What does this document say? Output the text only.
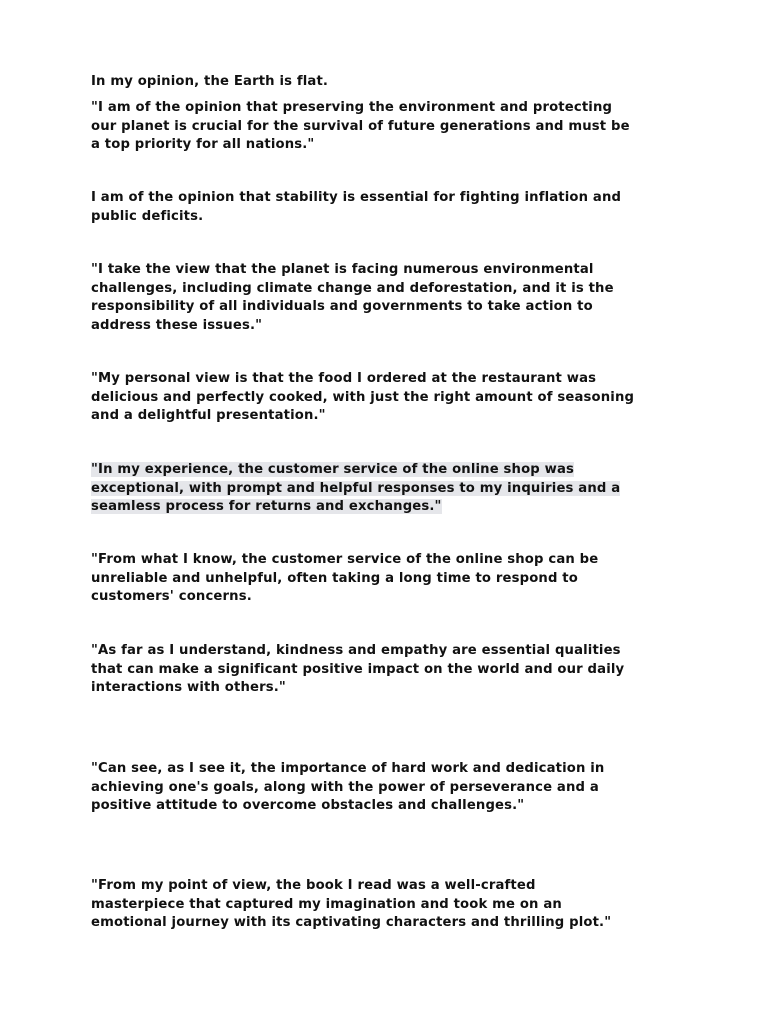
In my opinion, the Earth is flat.

"I am of the opinion that preserving the environment and protecting
our planet is crucial for the survival of future generations and must be
a top priority for all nations."

I am of the opinion that stability is essential for fighting inflation and
public deficits.

"I take the view that the planet is facing numerous environmental
challenges, including climate change and deforestation, and it is the
responsibility of all individuals and governments to take action to
address these issues."

"My personal view is that the food I ordered at the restaurant was
delicious and perfectly cooked, with just the right amount of seasoning
and a delightful presentation."

"In my experience, the customer service of the online shop was
exceptional, with prompt and helpful responses to my inquiries and a
seamless process for returns and exchanges."

"From what I know, the customer service of the online shop can be
unreliable and unhelpful, often taking a long time to respond to
customers' concerns.

"As far as I understand, kindness and empathy are essential qualities
that can make a significant positive impact on the world and our daily
interactions with others."

"Can see, as I see it, the importance of hard work and dedication in
achieving one's goals, along with the power of perseverance and a
positive attitude to overcome obstacles and challenges."

"From my point of view, the book I read was a well-crafted
masterpiece that captured my imagination and took me on an
emotional journey with its captivating characters and thrilling plot."
